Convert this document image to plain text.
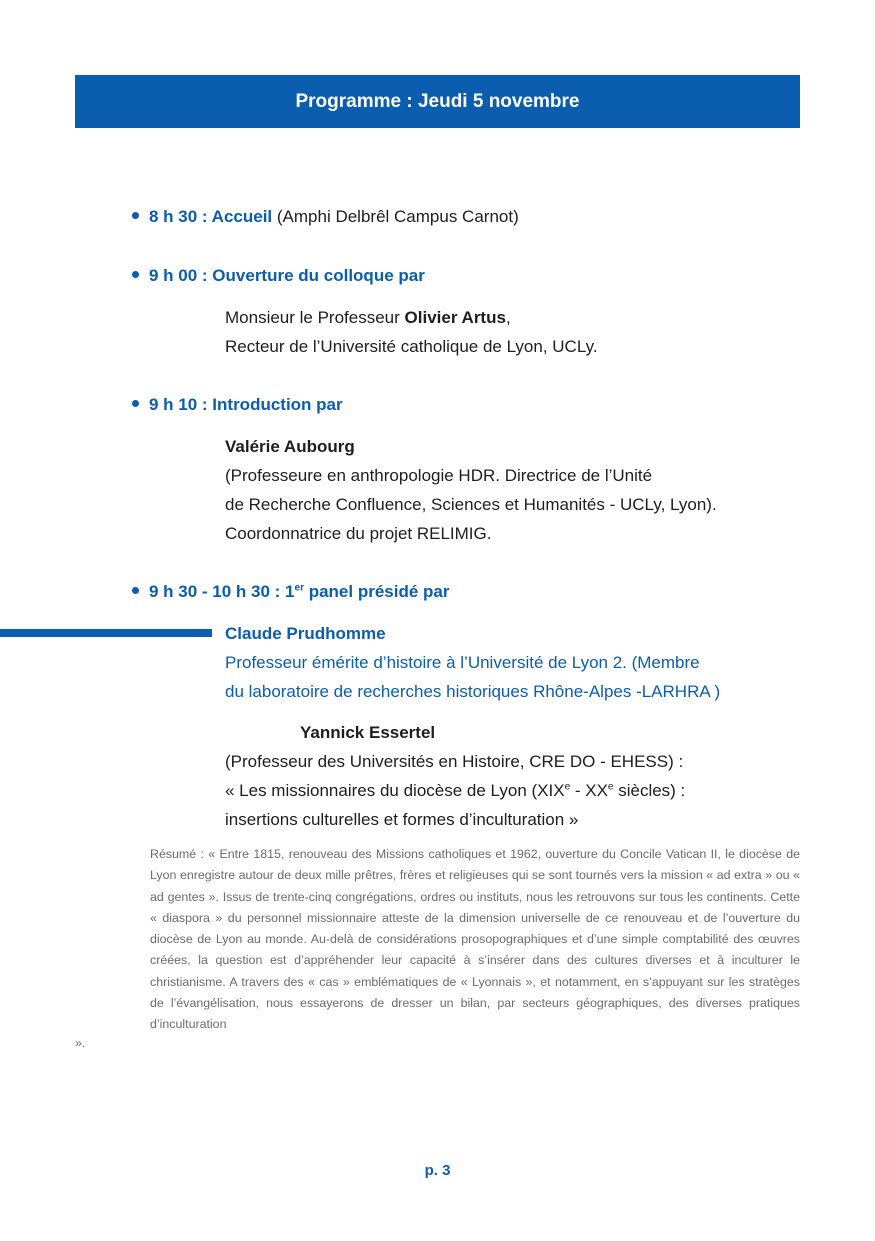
Programme : Jeudi 5 novembre
8 h 30 : Accueil (Amphi Delbrêl Campus Carnot)
9 h 00 : Ouverture du colloque par
Monsieur le Professeur Olivier Artus,
Recteur de l’Université catholique de Lyon, UCLy.
9 h 10 : Introduction par
Valérie Aubourg
(Professeure en anthropologie HDR. Directrice de l’Unité
de Recherche Confluence, Sciences et Humanités - UCLy, Lyon).
Coordonnatrice du projet RELIMIG.
9 h 30 - 10 h 30 : 1er panel présidé par
Claude Prudhomme
Professeur émérite d’histoire à l’Université de Lyon 2. (Membre
du laboratoire de recherches historiques Rhône-Alpes -LARHRA )
Yannick Essertel
(Professeur des Universités en Histoire, CRE DO - EHESS) :
« Les missionnaires du diocèse de Lyon (XIXe - XXe siècles) :
insertions culturelles et formes d’inculturation »
Résumé : « Entre 1815, renouveau des Missions catholiques et 1962, ouverture du Concile Vatican II, le diocèse de Lyon enregistre autour de deux mille prêtres, frères et religieuses qui se sont tournés vers la mission « ad extra » ou « ad gentes ». Issus de trente-cinq congrégations, ordres ou instituts, nous les retrouvons sur tous les continents. Cette « diaspora » du personnel missionnaire atteste de la dimension universelle de ce renouveau et de l’ouverture du diocèse de Lyon au monde. Au-delà de considérations prosopographiques et d’une simple comptabilité des œuvres créées, la question est d’appréhender leur capacité à s’insérer dans des cultures diverses et à inculturer le christianisme. A travers des « cas » emblématiques de « Lyonnais », et notamment, en s’appuyant sur les stratèges de l’évangélisation, nous essayerons de dresser un bilan, par secteurs géographiques, des diverses pratiques d’inculturation
».
p. 3
